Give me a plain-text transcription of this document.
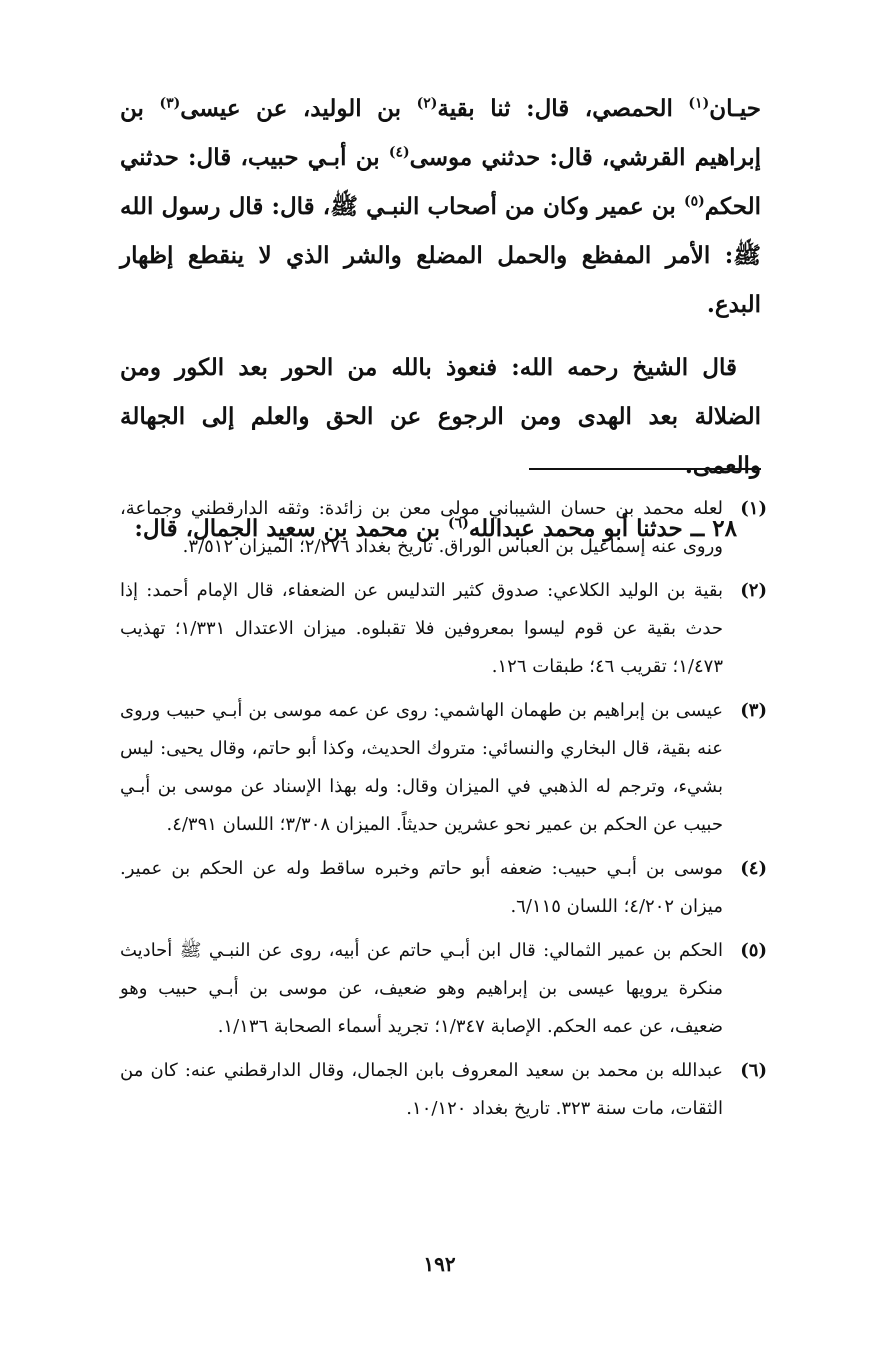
حيـان$^{(١)}$ الحمصي، قال: ثنا بقية$^{(٢)}$ بن الوليد، عن عيسى$^{(٣)}$ بن إبراهيم القرشي، قال: حدثني موسى$^{(٤)}$ بن أبـي حبيب، قال: حدثني الحكم$^{(٥)}$ بن عمير وكان من أصحاب النبـي ﷺ، قال: قال رسول الله ﷺ: الأمر المفظع والحمل المضلع والشر الذي لا ينقطع إظهار البدع.

قال الشيخ رحمه الله: فنعوذ بالله من الحور بعد الكور ومن الضلالة بعد الهدى ومن الرجوع عن الحق والعلم إلى الجهالة والعمى.

٢٨ ــ حدثنا أبو محمد عبدالله$^{(٦)}$ بن محمد بن سعيد الجمال، قال:

(١)
لعله محمد بن حسان الشيباني مولى معن بن زائدة: وثقه الدارقطني وجماعة، وروى عنه إسماعيل بن العباس الوراق. تاريخ بغداد ٢/٢٧٦؛ الميزان ٣/٥١٢.
(٢)
بقية بن الوليد الكلاعي: صدوق كثير التدليس عن الضعفاء، قال الإمام أحمد: إذا حدث بقية عن قوم ليسوا بمعروفين فلا تقبلوه. ميزان الاعتدال ١/٣٣١؛ تهذيب ١/٤٧٣؛ تقريب ٤٦؛ طبقات ١٢٦.
(٣)
عيسى بن إبراهيم بن طهمان الهاشمي: روى عن عمه موسى بن أبـي حبيب وروى عنه بقية، قال البخاري والنسائي: متروك الحديث، وكذا أبو حاتم، وقال يحيى: ليس بشيء، وترجم له الذهبي في الميزان وقال: وله بهذا الإسناد عن موسى بن أبـي حبيب عن الحكم بن عمير نحو عشرين حديثاً. الميزان ٣/٣٠٨؛ اللسان ٤/٣٩١.
(٤)
موسى بن أبـي حبيب: ضعفه أبو حاتم وخبره ساقط وله عن الحكم بن عمير. ميزان ٤/٢٠٢؛ اللسان ٦/١١٥.
(٥)
الحكم بن عمير الثمالي: قال ابن أبـي حاتم عن أبيه، روى عن النبـي ﷺ أحاديث منكرة يرويها عيسى بن إبراهيم وهو ضعيف، عن موسى بن أبـي حبيب وهو ضعيف، عن عمه الحكم. الإصابة ١/٣٤٧؛ تجريد أسماء الصحابة ١/١٣٦.
(٦)
عبدالله بن محمد بن سعيد المعروف بابن الجمال، وقال الدارقطني عنه: كان من الثقات، مات سنة ٣٢٣. تاريخ بغداد ١٠/١٢٠.
١٩٢
